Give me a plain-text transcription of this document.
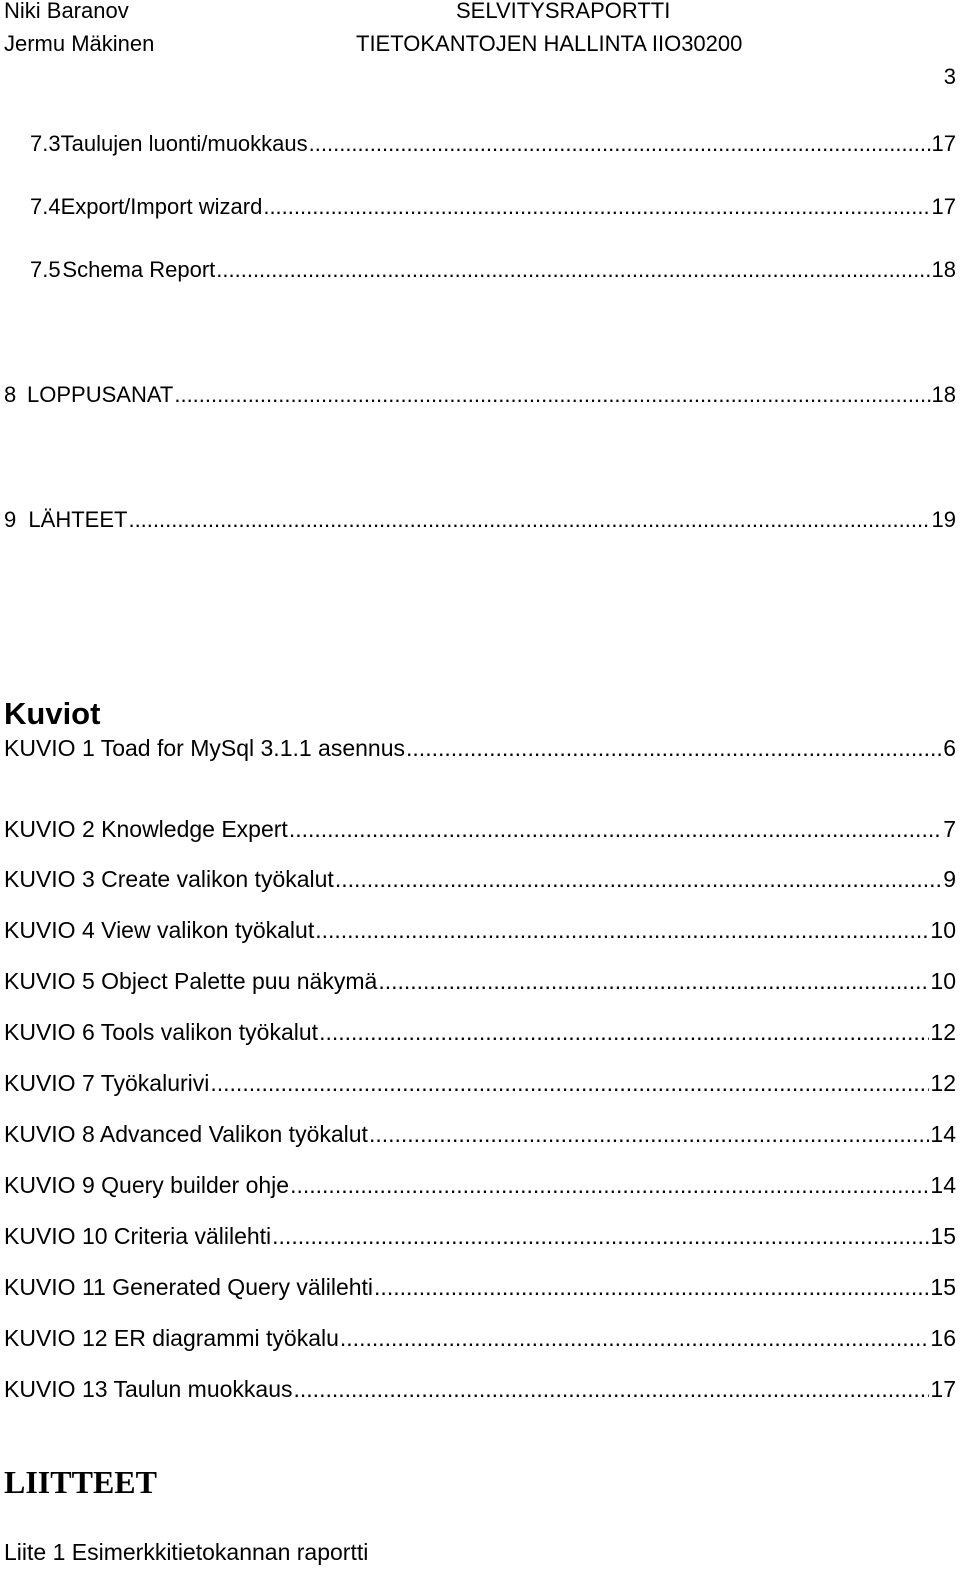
Niki Baranov
Jermu Mäkinen
SELVITYSRAPORTTI
TIETOKANTOJEN HALLINTA IIO30200
3
7.3 Taulujen luonti/muokkaus .....	17
7.4 Export/Import wizard .....	17
7.5 Schema Report .....	18
8 LOPPUSANAT .....	18
9 LÄHTEET .....	19
Kuviot
KUVIO 1 Toad for MySql 3.1.1 asennus .....	6
KUVIO 2 Knowledge Expert .....	7
KUVIO 3 Create valikon työkalut .....	9
KUVIO 4 View valikon työkalut .....	10
KUVIO 5 Object Palette puu näkymä .....	10
KUVIO 6 Tools valikon työkalut .....	12
KUVIO 7 Työkalurivi .....	12
KUVIO 8 Advanced Valikon työkalut .....	14
KUVIO 9 Query builder ohje .....	14
KUVIO 10 Criteria välilehti .....	15
KUVIO 11 Generated Query välilehti .....	15
KUVIO 12 ER diagrammi työkalu .....	16
KUVIO 13 Taulun muokkaus .....	17
LIITTEET
Liite 1 Esimerkkitietokannan raportti
